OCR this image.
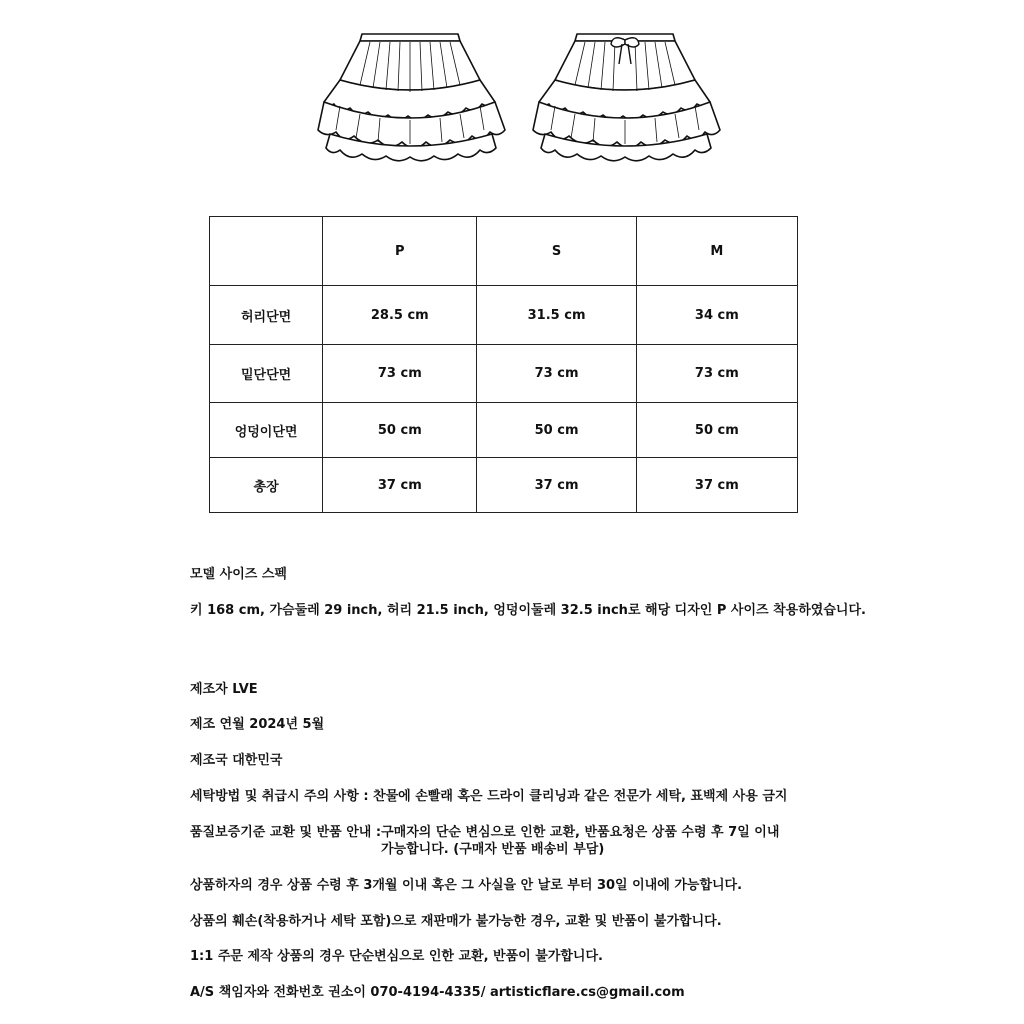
	P	S	M
허리단면	28.5 cm	31.5 cm	34 cm
밑단단면	73 cm	73 cm	73 cm
엉덩이단면	50 cm	50 cm	50 cm
총장	37 cm	37 cm	37 cm
모델 사이즈 스펙
키 168 cm, 가슴둘레 29 inch, 허리 21.5 inch, 엉덩이둘레 32.5 inch로 해당 디자인 P 사이즈 착용하였습니다.
제조자 LVE
제조 연월 2024년 5월
제조국 대한민국
세탁방법 및 취급시 주의 사항 : 찬물에 손빨래 혹은 드라이 클리닝과 같은 전문가 세탁, 표백제 사용 금지
품질보증기준 교환 및 반품 안내 :구매자의 단순 변심으로 인한 교환, 반품요청은 상품 수령 후 7일 이내
가능합니다. (구매자 반품 배송비 부담)
상품하자의 경우 상품 수령 후 3개월 이내 혹은 그 사실을 안 날로 부터 30일 이내에 가능합니다.
상품의 훼손(착용하거나 세탁 포함)으로 재판매가 불가능한 경우, 교환 및 반품이 불가합니다.
1:1 주문 제작 상품의 경우 단순변심으로 인한 교환, 반품이 불가합니다.
A/S 책임자와 전화번호 권소이 070-4194-4335/ artisticflare.cs@gmail.com
